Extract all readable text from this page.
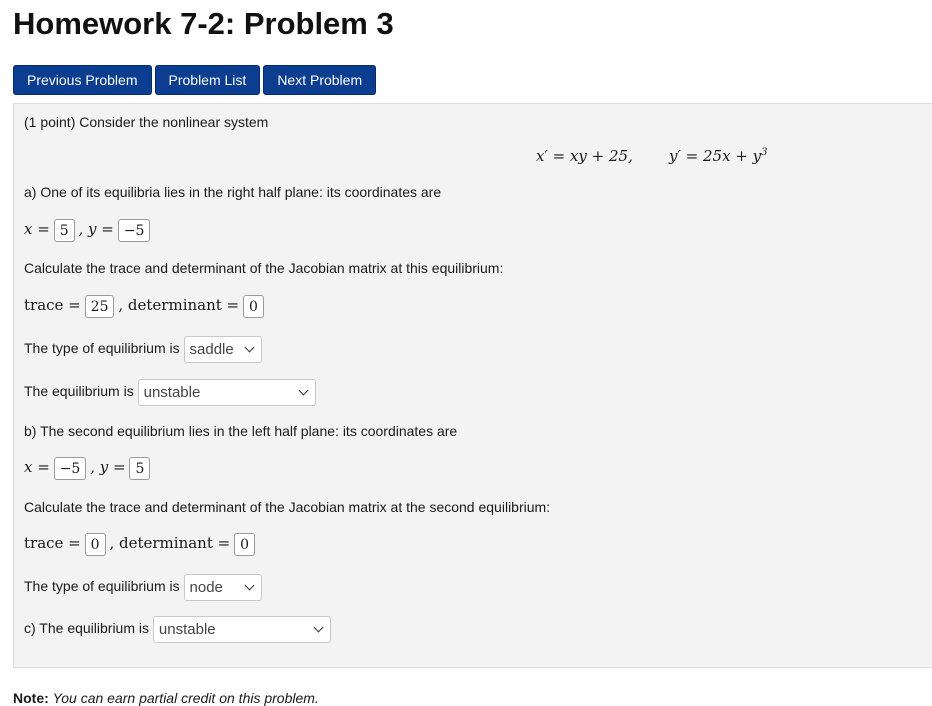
Homework 7-2: Problem 3
Previous Problem	Problem List	Next Problem
(1 point) Consider the nonlinear system
x′ = xy + 25, $y' = 25x + y^3$
a) One of its equilibria lies in the right half plane: its coordinates are
x = 5 , y = −5
Calculate the trace and determinant of the Jacobian matrix at this equilibrium:
trace = 25 , determinant = 0
The type of equilibrium is saddle
The equilibrium is unstable
b) The second equilibrium lies in the left half plane: its coordinates are
x = −5 , y = 5
Calculate the trace and determinant of the Jacobian matrix at the second equilibrium:
trace = 0 , determinant = 0
The type of equilibrium is node
c) The equilibrium is unstable
Note: You can earn partial credit on this problem.
